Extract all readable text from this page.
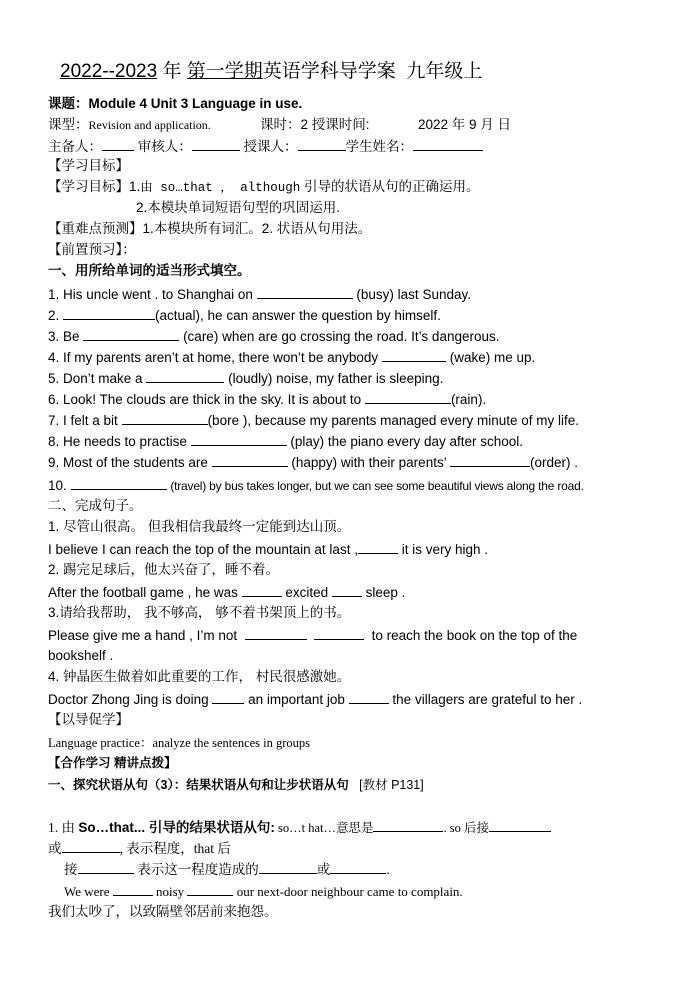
2022--2023 年 第一学期英语学科导学案 九年级上
课题：Module 4 Unit 3 Language in use.
课型：Revision and application.	课时：2 授课时间:	2022 年 9 月 日
主备人： 审核人：	授课人：	学生姓名：
【学习目标】
【学习目标】1.由 so…that ， although 引导的状语从句的正确运用。
2.本模块单词短语句型的巩固运用.
【重难点预测】1.本模块所有词汇。2. 状语从句用法。
【前置预习】：
一、用所给单词的适当形式填空。
1. His uncle went . to Shanghai on	(busy) last Sunday.
2.	(actual), he can answer the question by himself.
3. Be	(care) when are go crossing the road. It’s dangerous.
4. If my parents aren’t at home, there won’t be anybody	(wake) me up.
5. Don’t make a	(loudly) noise, my father is sleeping.
6. Look! The clouds are thick in the sky. It is about to	(rain).
7. I felt a bit	(bore ), because my parents managed every minute of my life.
8. He needs to practise	(play) the piano every day after school.
9. Most of the students are	(happy) with their parents’	(order) .
10.	(travel) by bus takes longer, but we can see some beautiful views along the road.
二、完成句子。
1. 尽管山很高。 但我相信我最终一定能到达山顶。
I believe I can reach the top of the mountain at last ,	it is very high .
2. 踢完足球后，他太兴奋了，睡不着。
After the football game , he was	excited  sleep .
3.请给我帮助， 我不够高， 够不着书架顶上的书。
Please give me a hand , I’m not	to reach the book on the top of the
bookshelf .
4. 钟晶医生做着如此重要的工作， 村民很感激她。
Doctor Zhong Jing is doing	an important job	the villagers are grateful to her .
【以导促学】
Language practice：analyze the sentences in groups
【合作学习 精讲点拨】
一、探究状语从句（3）：结果状语从句和让步状语从句 [教材 P131]
1. 由 So…that... 引导的结果状语从句: so…t hat…意思是	. so 后接
或	, 表示程度，that 后
接	表示这一程度造成的	或	.
We were	noisy	our next-door neighbour came to complain.
我们太吵了，以致隔壁邻居前来抱怨。
